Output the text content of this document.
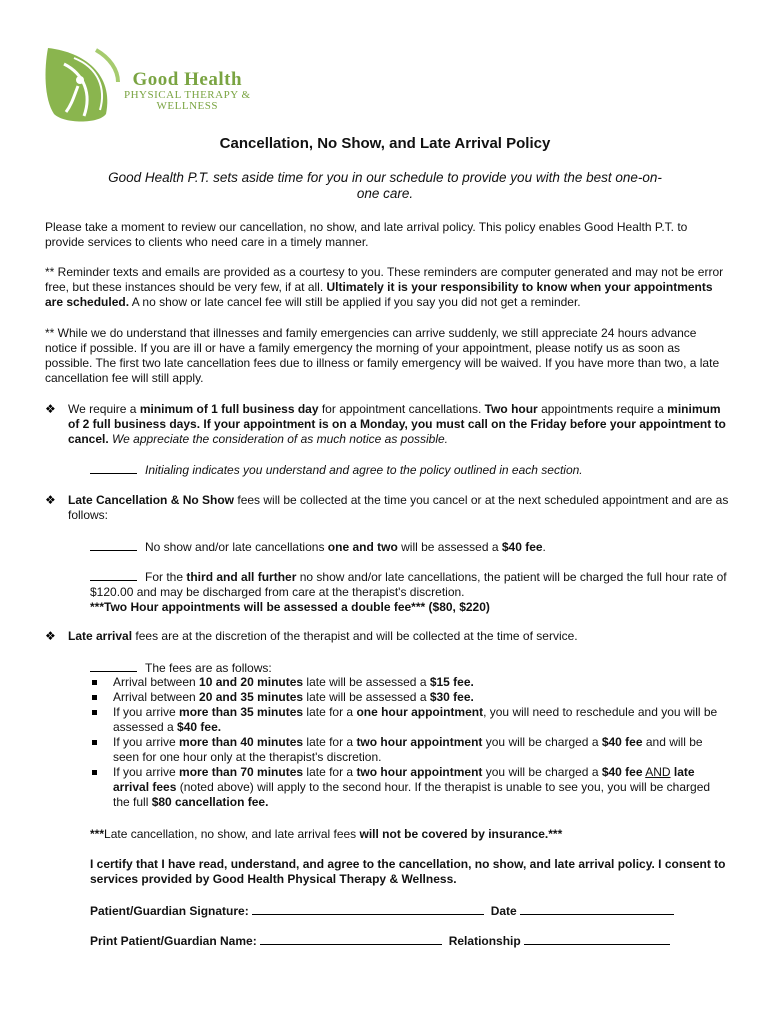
Good Health
PHYSICAL THERAPY &
WELLNESS
Cancellation, No Show, and Late Arrival Policy
Good Health P.T. sets aside time for you in our schedule to provide you with the best one-on-one care.
Please take a moment to review our cancellation, no show, and late arrival policy. This policy enables Good Health P.T. to provide services to clients who need care in a timely manner.
** Reminder texts and emails are provided as a courtesy to you. These reminders are computer generated and may not be error free, but these instances should be very few, if at all. Ultimately it is your responsibility to know when your appointments are scheduled. A no show or late cancel fee will still be applied if you say you did not get a reminder.
** While we do understand that illnesses and family emergencies can arrive suddenly, we still appreciate 24 hours advance notice if possible. If you are ill or have a family emergency the morning of your appointment, please notify us as soon as possible. The first two late cancellation fees due to illness or family emergency will be waived. If you have more than two, a late cancellation fee will still apply.
❖	We require a minimum of 1 full business day for appointment cancellations. Two hour appointments require a minimum of 2 full business days. If your appointment is on a Monday, you must call on the Friday before your appointment to cancel. We appreciate the consideration of as much notice as possible.
Initialing indicates you understand and agree to the policy outlined in each section.
❖	Late Cancellation & No Show fees will be collected at the time you cancel or at the next scheduled appointment and are as follows:
No show and/or late cancellations one and two will be assessed a $40 fee.
For the third and all further no show and/or late cancellations, the patient will be charged the full hour rate of $120.00 and may be discharged from care at the therapist's discretion.
***Two Hour appointments will be assessed a double fee*** ($80, $220)
❖	Late arrival fees are at the discretion of the therapist and will be collected at the time of service.
The fees are as follows:
Arrival between 10 and 20 minutes late will be assessed a $15 fee.
Arrival between 20 and 35 minutes late will be assessed a $30 fee.
If you arrive more than 35 minutes late for a one hour appointment, you will need to reschedule and you will be assessed a $40 fee.
If you arrive more than 40 minutes late for a two hour appointment you will be charged a $40 fee and will be seen for one hour only at the therapist's discretion.
If you arrive more than 70 minutes late for a two hour appointment you will be charged a $40 fee AND late arrival fees (noted above) will apply to the second hour. If the therapist is unable to see you, you will be charged the full $80 cancellation fee.
***Late cancellation, no show, and late arrival fees will not be covered by insurance.***
I certify that I have read, understand, and agree to the cancellation, no show, and late arrival policy. I consent to services provided by Good Health Physical Therapy & Wellness.
Patient/Guardian Signature:	Date
Print Patient/Guardian Name:	Relationship
